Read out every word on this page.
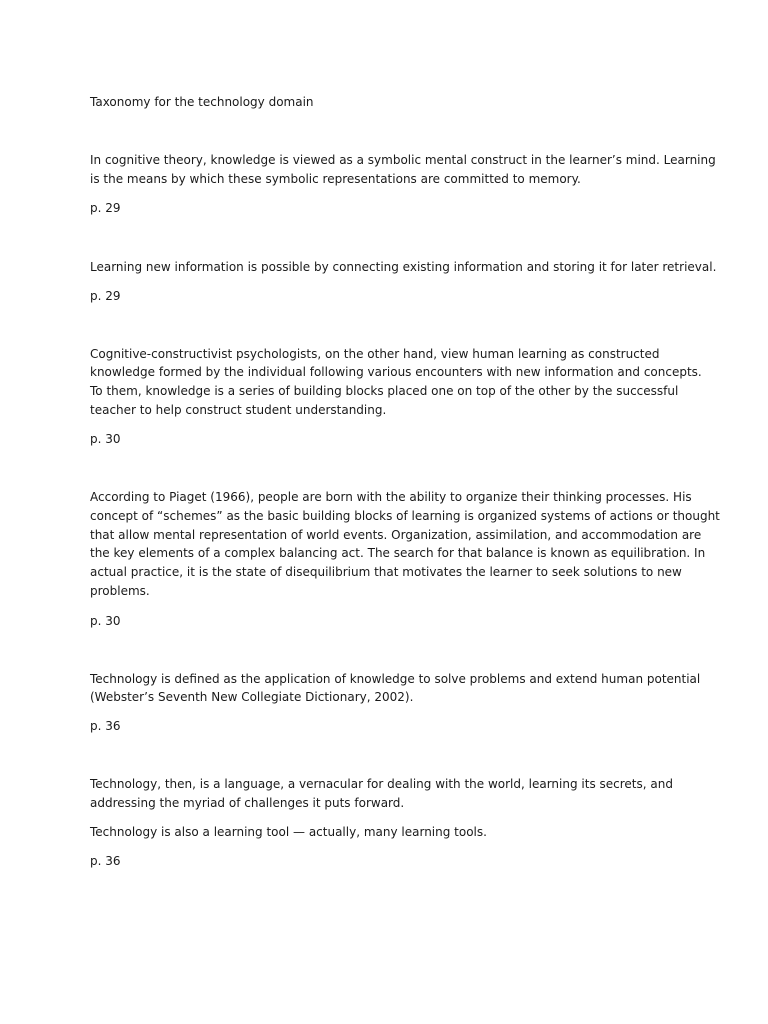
Taxonomy for the technology domain

In cognitive theory, knowledge is viewed as a symbolic mental construct in the learner’s mind. Learning

is the means by which these symbolic representations are committed to memory.

p. 29

Learning new information is possible by connecting existing information and storing it for later retrieval.

p. 29

Cognitive-constructivist psychologists, on the other hand, view human learning as constructed

knowledge formed by the individual following various encounters with new information and concepts.

To them, knowledge is a series of building blocks placed one on top of the other by the successful

teacher to help construct student understanding.

p. 30

According to Piaget (1966), people are born with the ability to organize their thinking processes. His

concept of “schemes” as the basic building blocks of learning is organized systems of actions or thought

that allow mental representation of world events. Organization, assimilation, and accommodation are

the key elements of a complex balancing act. The search for that balance is known as equilibration. In

actual practice, it is the state of disequilibrium that motivates the learner to seek solutions to new

problems.

p. 30

Technology is defined as the application of knowledge to solve problems and extend human potential

(Webster’s Seventh New Collegiate Dictionary, 2002).

p. 36

Technology, then, is a language, a vernacular for dealing with the world, learning its secrets, and

addressing the myriad of challenges it puts forward.

Technology is also a learning tool — actually, many learning tools.

p. 36
